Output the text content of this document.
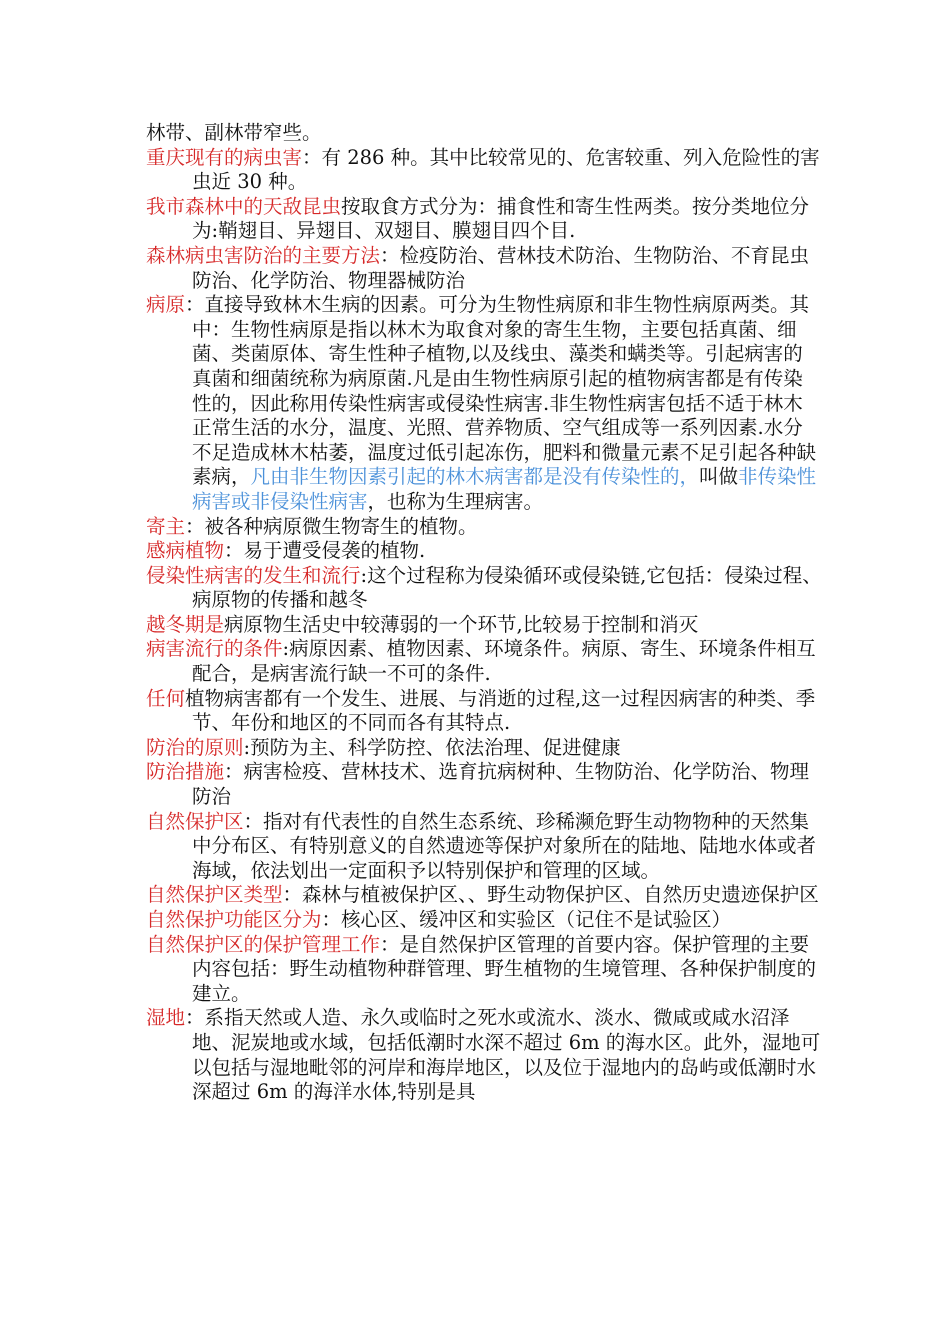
林带、副林带窄些。

重庆现有的病虫害：有 286 种。其中比较常见的、危害较重、列入危险性的害虫近 30 种。

我市森林中的天敌昆虫按取食方式分为：捕食性和寄生性两类。按分类地位分为:鞘翅目、异翅目、双翅目、膜翅目四个目.

森林病虫害防治的主要方法：检疫防治、营林技术防治、生物防治、不育昆虫防治、化学防治、物理器械防治

病原：直接导致林木生病的因素。可分为生物性病原和非生物性病原两类。其中：生物性病原是指以林木为取食对象的寄生生物，主要包括真菌、细菌、类菌原体、寄生性种子植物,以及线虫、藻类和螨类等。引起病害的真菌和细菌统称为病原菌.凡是由生物性病原引起的植物病害都是有传染性的，因此称用传染性病害或侵染性病害.非生物性病害包括不适于林木正常生活的水分，温度、光照、营养物质、空气组成等一系列因素.水分不足造成林木枯萎，温度过低引起冻伤，肥料和微量元素不足引起各种缺素病，凡由非生物因素引起的林木病害都是没有传染性的，叫做非传染性病害或非侵染性病害，也称为生理病害。

寄主：被各种病原微生物寄生的植物。

感病植物：易于遭受侵袭的植物.

侵染性病害的发生和流行:这个过程称为侵染循环或侵染链,它包括：侵染过程、病原物的传播和越冬

越冬期是病原物生活史中较薄弱的一个环节,比较易于控制和消灭

病害流行的条件:病原因素、植物因素、环境条件。病原、寄生、环境条件相互配合，是病害流行缺一不可的条件.

任何植物病害都有一个发生、进展、与消逝的过程,这一过程因病害的种类、季节、年份和地区的不同而各有其特点.

防治的原则:预防为主、科学防控、依法治理、促进健康

防治措施：病害检疫、营林技术、选育抗病树种、生物防治、化学防治、物理防治

自然保护区：指对有代表性的自然生态系统、珍稀濒危野生动物物种的天然集中分布区、有特别意义的自然遗迹等保护对象所在的陆地、陆地水体或者海域，依法划出一定面积予以特别保护和管理的区域。

自然保护区类型：森林与植被保护区、、野生动物保护区、自然历史遗迹保护区

自然保护功能区分为：核心区、缓冲区和实验区（记住不是试验区）

自然保护区的保护管理工作：是自然保护区管理的首要内容。保护管理的主要内容包括：野生动植物种群管理、野生植物的生境管理、各种保护制度的建立。

湿地：系指天然或人造、永久或临时之死水或流水、淡水、微咸或咸水沼泽地、泥炭地或水域，包括低潮时水深不超过 6m 的海水区。此外，湿地可以包括与湿地毗邻的河岸和海岸地区，以及位于湿地内的岛屿或低潮时水深超过 6m 的海洋水体,特别是具
